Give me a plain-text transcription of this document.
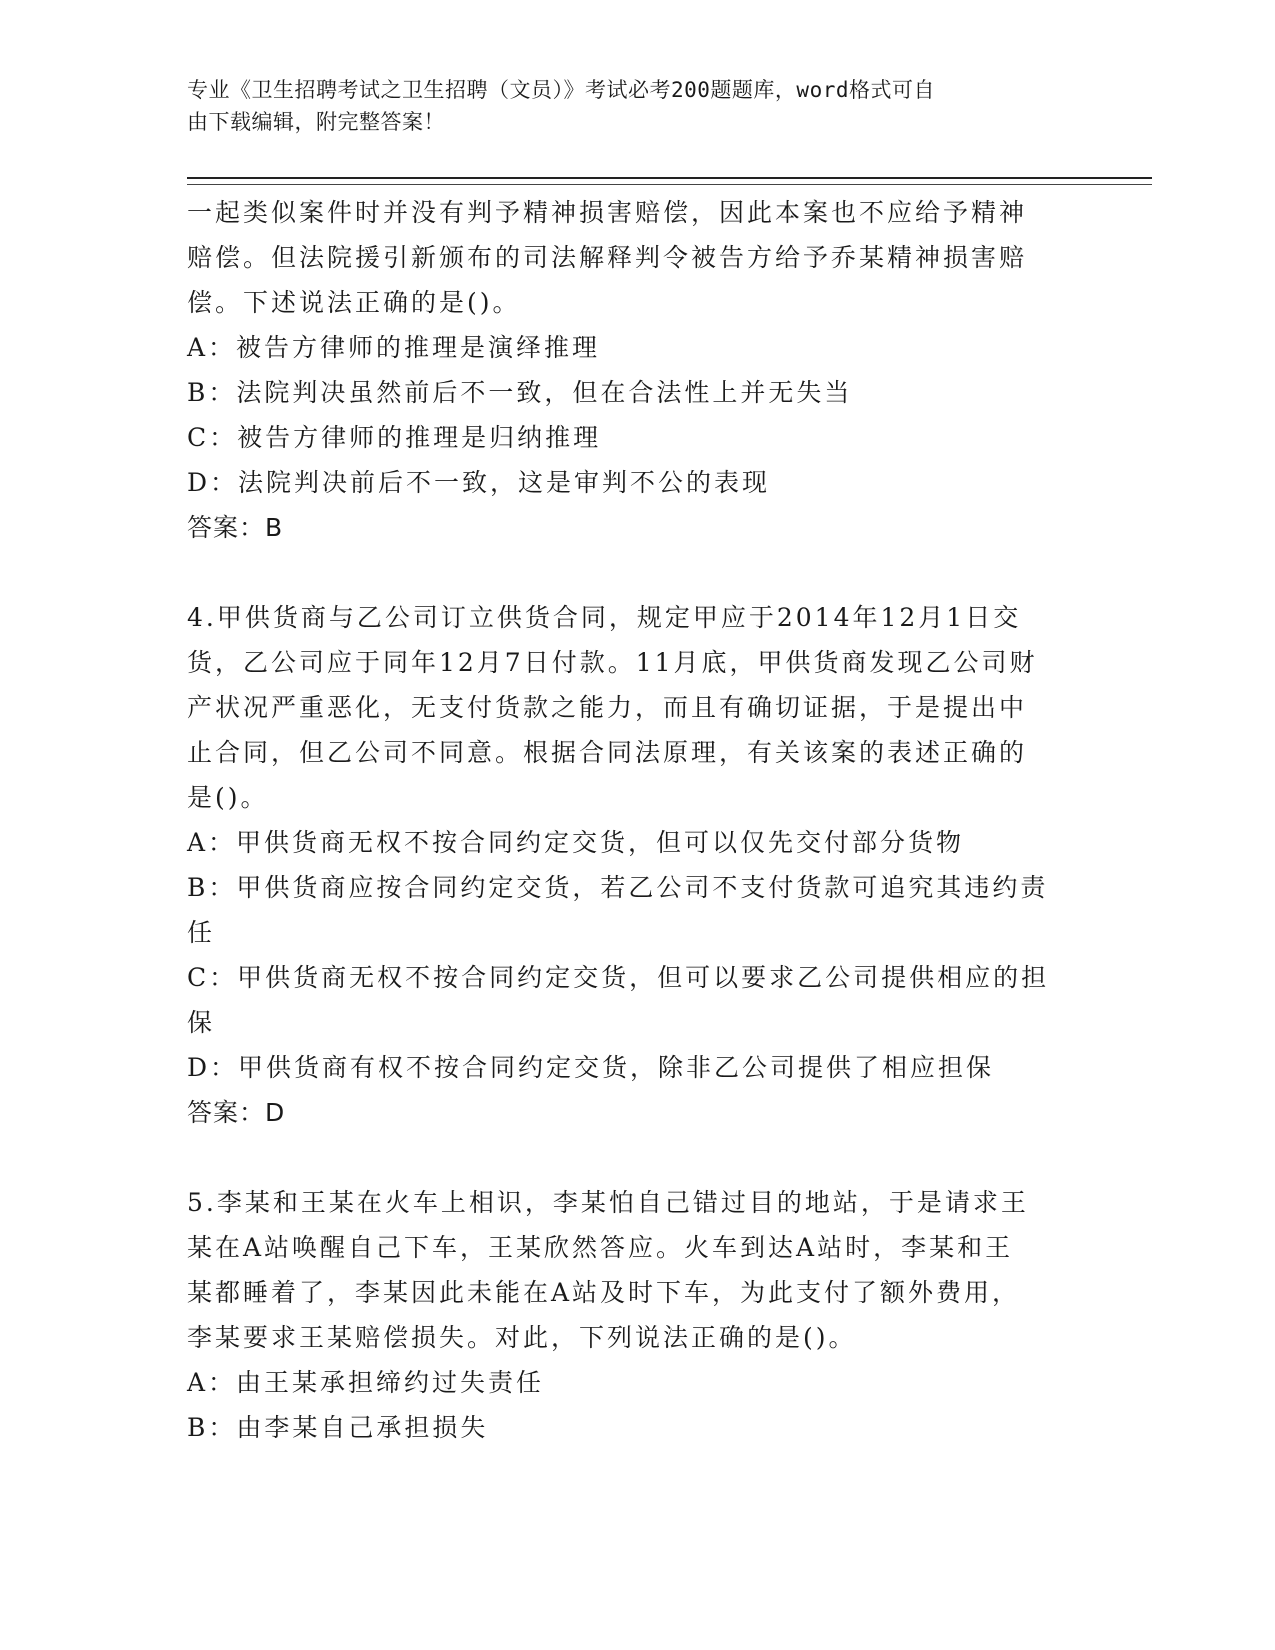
专业《卫生招聘考试之卫生招聘（文员）》考试必考200题题库，word格式可自
由下载编辑，附完整答案！

一起类似案件时并没有判予精神损害赔偿，因此本案也不应给予精神

赔偿。但法院援引新颁布的司法解释判令被告方给予乔某精神损害赔

偿。下述说法正确的是()。

A：被告方律师的推理是演绎推理

B：法院判决虽然前后不一致，但在合法性上并无失当

C：被告方律师的推理是归纳推理

D：法院判决前后不一致，这是审判不公的表现

答案：B

4.甲供货商与乙公司订立供货合同，规定甲应于2014年12月1日交

货，乙公司应于同年12月7日付款。11月底，甲供货商发现乙公司财

产状况严重恶化，无支付货款之能力，而且有确切证据，于是提出中

止合同，但乙公司不同意。根据合同法原理，有关该案的表述正确的

是()。

A：甲供货商无权不按合同约定交货，但可以仅先交付部分货物

B：甲供货商应按合同约定交货，若乙公司不支付货款可追究其违约责

任

C：甲供货商无权不按合同约定交货，但可以要求乙公司提供相应的担

保

D：甲供货商有权不按合同约定交货，除非乙公司提供了相应担保

答案：D

5.李某和王某在火车上相识，李某怕自己错过目的地站，于是请求王

某在A站唤醒自己下车，王某欣然答应。火车到达A站时，李某和王

某都睡着了，李某因此未能在A站及时下车，为此支付了额外费用，

李某要求王某赔偿损失。对此，下列说法正确的是()。

A：由王某承担缔约过失责任

B：由李某自己承担损失
